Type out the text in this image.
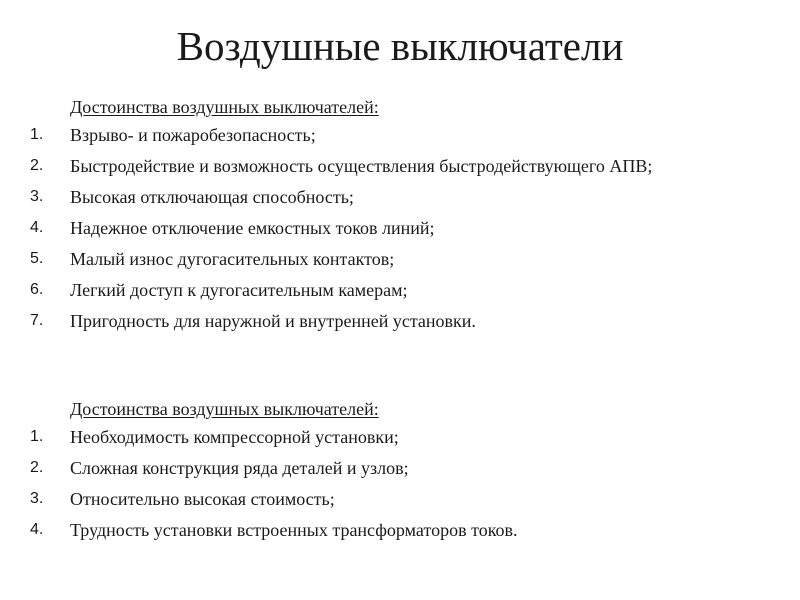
Воздушные выключатели
Достоинства воздушных выключателей:
1. Взрыво- и пожаробезопасность;
2. Быстродействие и возможность осуществления быстродействующего АПВ;
3. Высокая отключающая способность;
4. Надежное отключение емкостных токов линий;
5. Малый износ дугогасительных контактов;
6. Легкий доступ к дугогасительным камерам;
7. Пригодность для наружной и внутренней установки.
Достоинства воздушных выключателей:
1. Необходимость компрессорной установки;
2. Сложная конструкция ряда деталей и узлов;
3. Относительно высокая стоимость;
4. Трудность установки встроенных трансформаторов токов.
